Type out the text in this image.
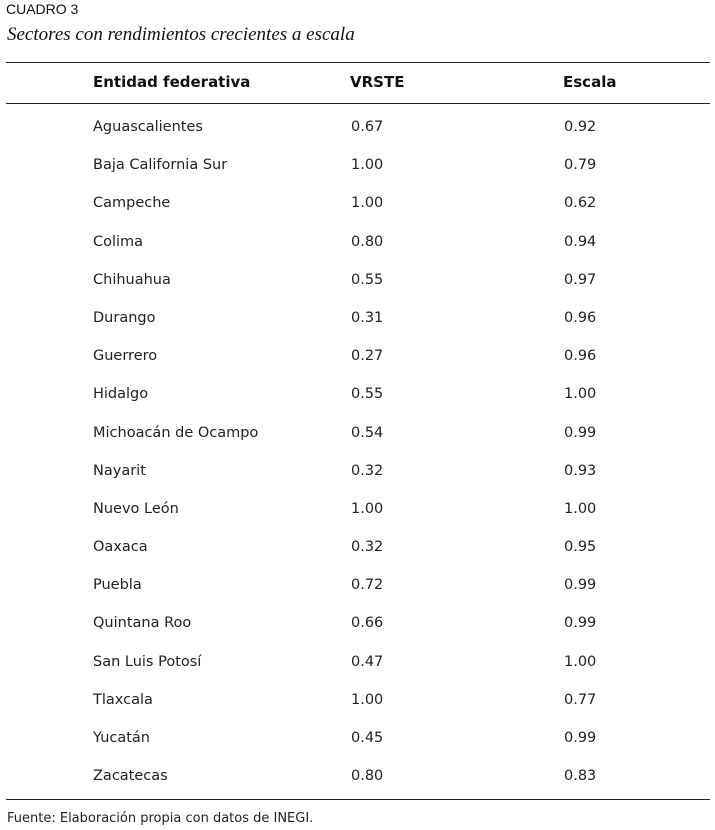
CUADRO 3
Sectores con rendimientos crecientes a escala
Entidad federativa	VRSTE	Escala
Aguascalientes	0.67	0.92
Baja California Sur	1.00	0.79
Campeche	1.00	0.62
Colima	0.80	0.94
Chihuahua	0.55	0.97
Durango	0.31	0.96
Guerrero	0.27	0.96
Hidalgo	0.55	1.00
Michoacán de Ocampo	0.54	0.99
Nayarit	0.32	0.93
Nuevo León	1.00	1.00
Oaxaca	0.32	0.95
Puebla	0.72	0.99
Quintana Roo	0.66	0.99
San Luis Potosí	0.47	1.00
Tlaxcala	1.00	0.77
Yucatán	0.45	0.99
Zacatecas	0.80	0.83
Fuente: Elaboración propia con datos de INEGI.
